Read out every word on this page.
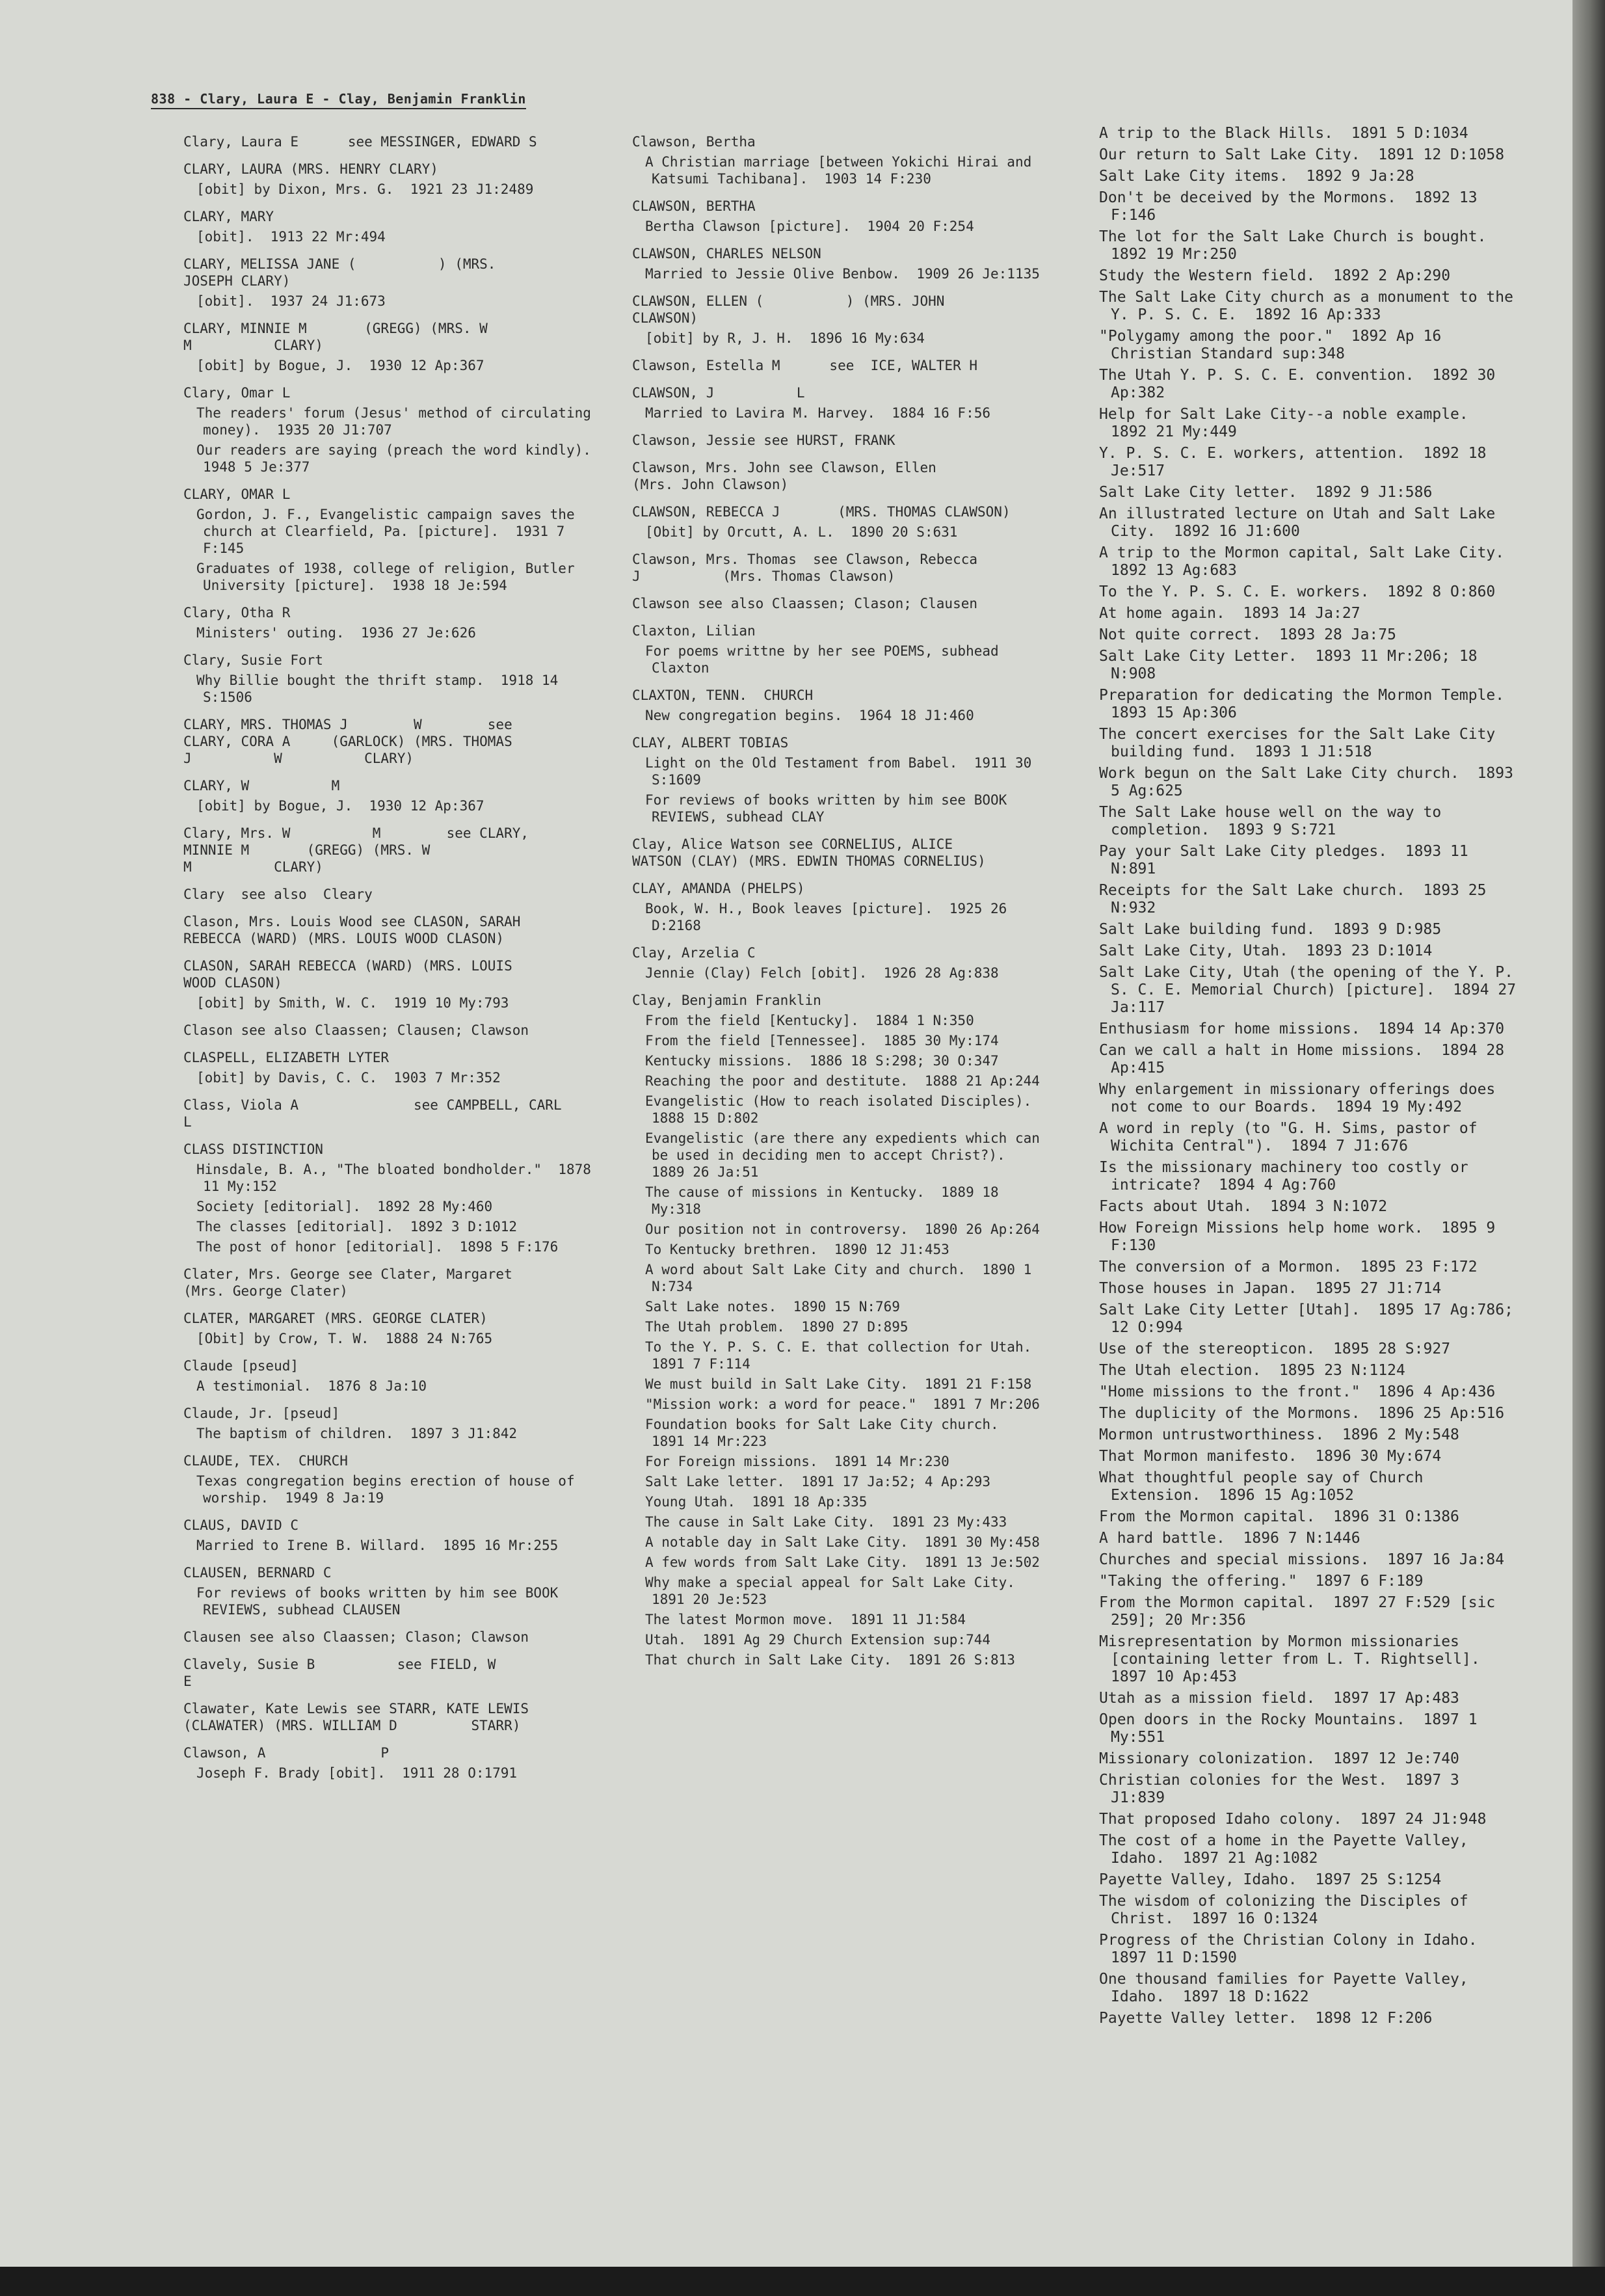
838 - Clary, Laura E - Clay, Benjamin Franklin
Clary, Laura E      see MESSINGER, EDWARD S
CLARY, LAURA (MRS. HENRY CLARY)
[obit] by Dixon, Mrs. G.  1921 23 J1:2489
CLARY, MARY
[obit].  1913 22 Mr:494
CLARY, MELISSA JANE (          ) (MRS.
JOSEPH CLARY)
[obit].  1937 24 J1:673
CLARY, MINNIE M       (GREGG) (MRS. W
M          CLARY)
[obit] by Bogue, J.  1930 12 Ap:367
Clary, Omar L
The readers' forum (Jesus' method of circulating money).  1935 20 J1:707
Our readers are saying (preach the word kindly).  1948 5 Je:377
CLARY, OMAR L
Gordon, J. F., Evangelistic campaign saves the church at Clearfield, Pa. [picture].  1931 7 F:145
Graduates of 1938, college of religion, Butler University [picture].  1938 18 Je:594
Clary, Otha R
Ministers' outing.  1936 27 Je:626
Clary, Susie Fort
Why Billie bought the thrift stamp.  1918 14 S:1506
CLARY, MRS. THOMAS J        W        see
CLARY, CORA A     (GARLOCK) (MRS. THOMAS
J          W          CLARY)
CLARY, W          M
[obit] by Bogue, J.  1930 12 Ap:367
Clary, Mrs. W          M        see CLARY,
MINNIE M       (GREGG) (MRS. W
M          CLARY)
Clary  see also  Cleary
Clason, Mrs. Louis Wood see CLASON, SARAH
REBECCA (WARD) (MRS. LOUIS WOOD CLASON)
CLASON, SARAH REBECCA (WARD) (MRS. LOUIS
WOOD CLASON)
[obit] by Smith, W. C.  1919 10 My:793
Clason see also Claassen; Clausen; Clawson
CLASPELL, ELIZABETH LYTER
[obit] by Davis, C. C.  1903 7 Mr:352
Class, Viola A              see CAMPBELL, CARL
L
CLASS DISTINCTION
Hinsdale, B. A., "The bloated bondholder."  1878 11 My:152
Society [editorial].  1892 28 My:460
The classes [editorial].  1892 3 D:1012
The post of honor [editorial].  1898 5 F:176
Clater, Mrs. George see Clater, Margaret
(Mrs. George Clater)
CLATER, MARGARET (MRS. GEORGE CLATER)
[Obit] by Crow, T. W.  1888 24 N:765
Claude [pseud]
A testimonial.  1876 8 Ja:10
Claude, Jr. [pseud]
The baptism of children.  1897 3 J1:842
CLAUDE, TEX.  CHURCH
Texas congregation begins erection of house of worship.  1949 8 Ja:19
CLAUS, DAVID C
Married to Irene B. Willard.  1895 16 Mr:255
CLAUSEN, BERNARD C
For reviews of books written by him see BOOK REVIEWS, subhead CLAUSEN
Clausen see also Claassen; Clason; Clawson
Clavely, Susie B          see FIELD, W
E
Clawater, Kate Lewis see STARR, KATE LEWIS
(CLAWATER) (MRS. WILLIAM D         STARR)
Clawson, A              P
Joseph F. Brady [obit].  1911 28 O:1791
Clawson, Bertha
A Christian marriage [between Yokichi Hirai and Katsumi Tachibana].  1903 14 F:230
CLAWSON, BERTHA
Bertha Clawson [picture].  1904 20 F:254
CLAWSON, CHARLES NELSON
Married to Jessie Olive Benbow.  1909 26 Je:1135
CLAWSON, ELLEN (          ) (MRS. JOHN
CLAWSON)
[obit] by R, J. H.  1896 16 My:634
Clawson, Estella M      see  ICE, WALTER H
CLAWSON, J          L
Married to Lavira M. Harvey.  1884 16 F:56
Clawson, Jessie see HURST, FRANK
Clawson, Mrs. John see Clawson, Ellen
(Mrs. John Clawson)
CLAWSON, REBECCA J       (MRS. THOMAS CLAWSON)
[Obit] by Orcutt, A. L.  1890 20 S:631
Clawson, Mrs. Thomas  see Clawson, Rebecca
J          (Mrs. Thomas Clawson)
Clawson see also Claassen; Clason; Clausen
Claxton, Lilian
For poems writtne by her see POEMS, subhead Claxton
CLAXTON, TENN.  CHURCH
New congregation begins.  1964 18 J1:460
CLAY, ALBERT TOBIAS
Light on the Old Testament from Babel.  1911 30 S:1609
For reviews of books written by him see BOOK REVIEWS, subhead CLAY
Clay, Alice Watson see CORNELIUS, ALICE
WATSON (CLAY) (MRS. EDWIN THOMAS CORNELIUS)
CLAY, AMANDA (PHELPS)
Book, W. H., Book leaves [picture].  1925 26 D:2168
Clay, Arzelia C
Jennie (Clay) Felch [obit].  1926 28 Ag:838
Clay, Benjamin Franklin
From the field [Kentucky].  1884 1 N:350
From the field [Tennessee].  1885 30 My:174
Kentucky missions.  1886 18 S:298; 30 O:347
Reaching the poor and destitute.  1888 21 Ap:244
Evangelistic (How to reach isolated Disciples).  1888 15 D:802
Evangelistic (are there any expedients which can be used in deciding men to accept Christ?).  1889 26 Ja:51
The cause of missions in Kentucky.  1889 18 My:318
Our position not in controversy.  1890 26 Ap:264
To Kentucky brethren.  1890 12 J1:453
A word about Salt Lake City and church.  1890 1 N:734
Salt Lake notes.  1890 15 N:769
The Utah problem.  1890 27 D:895
To the Y. P. S. C. E. that collection for Utah.  1891 7 F:114
We must build in Salt Lake City.  1891 21 F:158
"Mission work: a word for peace."  1891 7 Mr:206
Foundation books for Salt Lake City church.  1891 14 Mr:223
For Foreign missions.  1891 14 Mr:230
Salt Lake letter.  1891 17 Ja:52; 4 Ap:293
Young Utah.  1891 18 Ap:335
The cause in Salt Lake City.  1891 23 My:433
A notable day in Salt Lake City.  1891 30 My:458
A few words from Salt Lake City.  1891 13 Je:502
Why make a special appeal for Salt Lake City.  1891 20 Je:523
The latest Mormon move.  1891 11 J1:584
Utah.  1891 Ag 29 Church Extension sup:744
That church in Salt Lake City.  1891 26 S:813
A trip to the Black Hills.  1891 5 D:1034
Our return to Salt Lake City.  1891 12 D:1058
Salt Lake City items.  1892 9 Ja:28
Don't be deceived by the Mormons.  1892 13 F:146
The lot for the Salt Lake Church is bought.  1892 19 Mr:250
Study the Western field.  1892 2 Ap:290
The Salt Lake City church as a monument to the Y. P. S. C. E.  1892 16 Ap:333
"Polygamy among the poor."  1892 Ap 16 Christian Standard sup:348
The Utah Y. P. S. C. E. convention.  1892 30 Ap:382
Help for Salt Lake City--a noble example.  1892 21 My:449
Y. P. S. C. E. workers, attention.  1892 18 Je:517
Salt Lake City letter.  1892 9 J1:586
An illustrated lecture on Utah and Salt Lake City.  1892 16 J1:600
A trip to the Mormon capital, Salt Lake City.  1892 13 Ag:683
To the Y. P. S. C. E. workers.  1892 8 O:860
At home again.  1893 14 Ja:27
Not quite correct.  1893 28 Ja:75
Salt Lake City Letter.  1893 11 Mr:206; 18 N:908
Preparation for dedicating the Mormon Temple.  1893 15 Ap:306
The concert exercises for the Salt Lake City building fund.  1893 1 J1:518
Work begun on the Salt Lake City church.  1893 5 Ag:625
The Salt Lake house well on the way to completion.  1893 9 S:721
Pay your Salt Lake City pledges.  1893 11 N:891
Receipts for the Salt Lake church.  1893 25 N:932
Salt Lake building fund.  1893 9 D:985
Salt Lake City, Utah.  1893 23 D:1014
Salt Lake City, Utah (the opening of the Y. P. S. C. E. Memorial Church) [picture].  1894 27 Ja:117
Enthusiasm for home missions.  1894 14 Ap:370
Can we call a halt in Home missions.  1894 28 Ap:415
Why enlargement in missionary offerings does not come to our Boards.  1894 19 My:492
A word in reply (to "G. H. Sims, pastor of Wichita Central").  1894 7 J1:676
Is the missionary machinery too costly or intricate?  1894 4 Ag:760
Facts about Utah.  1894 3 N:1072
How Foreign Missions help home work.  1895 9 F:130
The conversion of a Mormon.  1895 23 F:172
Those houses in Japan.  1895 27 J1:714
Salt Lake City Letter [Utah].  1895 17 Ag:786; 12 O:994
Use of the stereopticon.  1895 28 S:927
The Utah election.  1895 23 N:1124
"Home missions to the front."  1896 4 Ap:436
The duplicity of the Mormons.  1896 25 Ap:516
Mormon untrustworthiness.  1896 2 My:548
That Mormon manifesto.  1896 30 My:674
What thoughtful people say of Church Extension.  1896 15 Ag:1052
From the Mormon capital.  1896 31 O:1386
A hard battle.  1896 7 N:1446
Churches and special missions.  1897 16 Ja:84
"Taking the offering."  1897 6 F:189
From the Mormon capital.  1897 27 F:529 [sic 259]; 20 Mr:356
Misrepresentation by Mormon missionaries [containing letter from L. T. Rightsell].  1897 10 Ap:453
Utah as a mission field.  1897 17 Ap:483
Open doors in the Rocky Mountains.  1897 1 My:551
Missionary colonization.  1897 12 Je:740
Christian colonies for the West.  1897 3 J1:839
That proposed Idaho colony.  1897 24 J1:948
The cost of a home in the Payette Valley, Idaho.  1897 21 Ag:1082
Payette Valley, Idaho.  1897 25 S:1254
The wisdom of colonizing the Disciples of Christ.  1897 16 O:1324
Progress of the Christian Colony in Idaho.  1897 11 D:1590
One thousand families for Payette Valley, Idaho.  1897 18 D:1622
Payette Valley letter.  1898 12 F:206
